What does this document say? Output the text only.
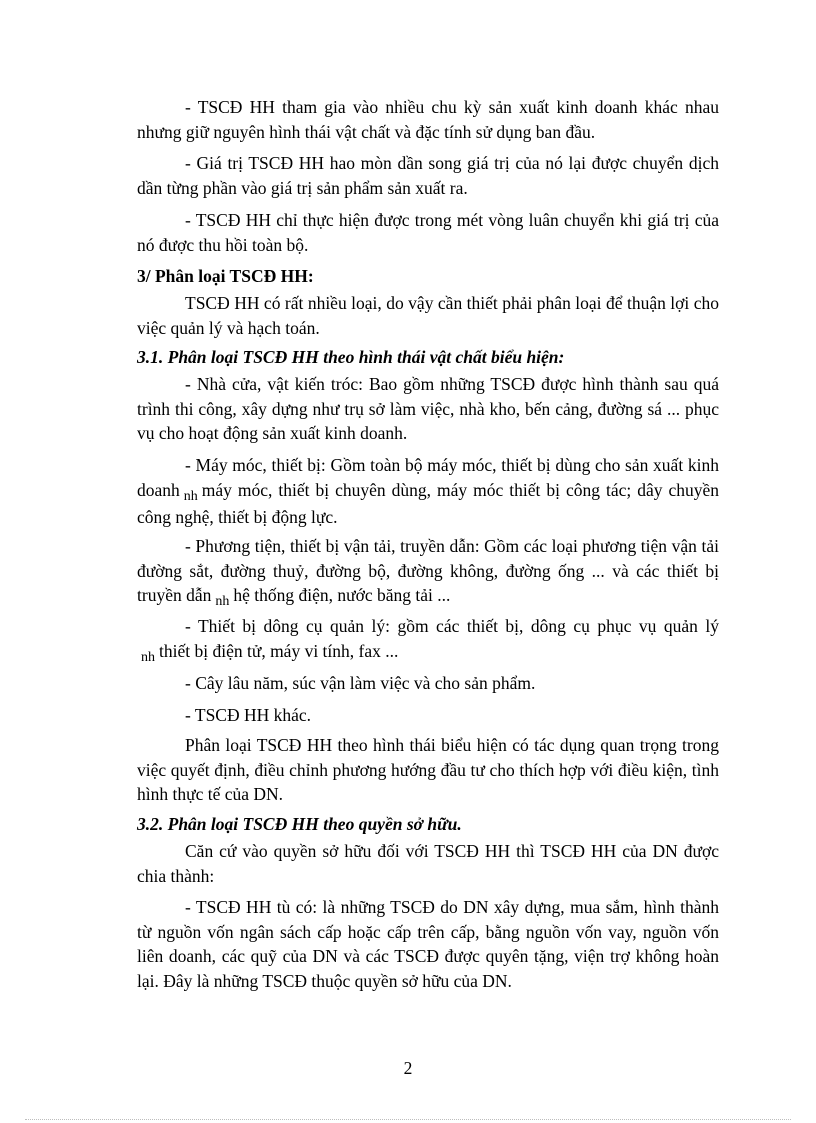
- TSCĐ HH tham gia vào nhiều chu kỳ sản xuất kinh doanh khác nhau nhưng giữ nguyên hình thái vật chất và đặc tính sử dụng ban đầu.
- Giá trị TSCĐ HH hao mòn dần song giá trị của nó lại được chuyển dịch dần từng phần vào giá trị sản phẩm sản xuất ra.
- TSCĐ HH chỉ thực hiện được trong mét vòng luân chuyển khi giá trị của nó được thu hồi toàn bộ.
3/ Phân loại TSCĐ HH:
TSCĐ HH có rất nhiều loại, do vậy cần thiết phải phân loại để thuận lợi cho việc quản lý và hạch toán.
3.1. Phân loại TSCĐ HH theo hình thái vật chất biểu hiện:
- Nhà cửa, vật kiến tróc: Bao gồm những TSCĐ được hình thành sau quá trình thi công, xây dựng như trụ sở làm việc, nhà kho, bến cảng, đường sá ... phục vụ cho hoạt động sản xuất kinh doanh.
- Máy móc, thiết bị: Gồm toàn bộ máy móc, thiết bị dùng cho sản xuất kinh doanh $_{nh}$ máy móc, thiết bị chuyên dùng, máy móc thiết bị công tác; dây chuyền công nghệ, thiết bị động lực.
- Phương tiện, thiết bị vận tải, truyền dẫn: Gồm các loại phương tiện vận tải đường sắt, đường thuỷ, đường bộ, đường không, đường ống ... và các thiết bị truyền dẫn $_{nh}$ hệ thống điện, nước băng tải ...
- Thiết bị dông cụ quản lý: gồm các thiết bị, dông cụ phục vụ quản lý $_{nh}$ thiết bị điện tử, máy vi tính, fax ...
- Cây lâu năm, súc vận làm việc và cho sản phẩm.
- TSCĐ HH khác.
Phân loại TSCĐ HH theo hình thái biểu hiện có tác dụng quan trọng trong việc quyết định, điều chỉnh phương hướng đầu tư cho thích hợp với điều kiện, tình hình thực tế của DN.
3.2. Phân loại TSCĐ HH theo quyền sở hữu.
Căn cứ vào quyền sở hữu đối với TSCĐ HH thì TSCĐ HH của DN được chia thành:
- TSCĐ HH tù có: là những TSCĐ do DN xây dựng, mua sắm, hình thành từ nguồn vốn ngân sách cấp hoặc cấp trên cấp, bằng nguồn vốn vay, nguồn vốn liên doanh, các quỹ của DN và các TSCĐ được quyên tặng, viện trợ không hoàn lại. Đây là những TSCĐ thuộc quyền sở hữu của DN.
2
